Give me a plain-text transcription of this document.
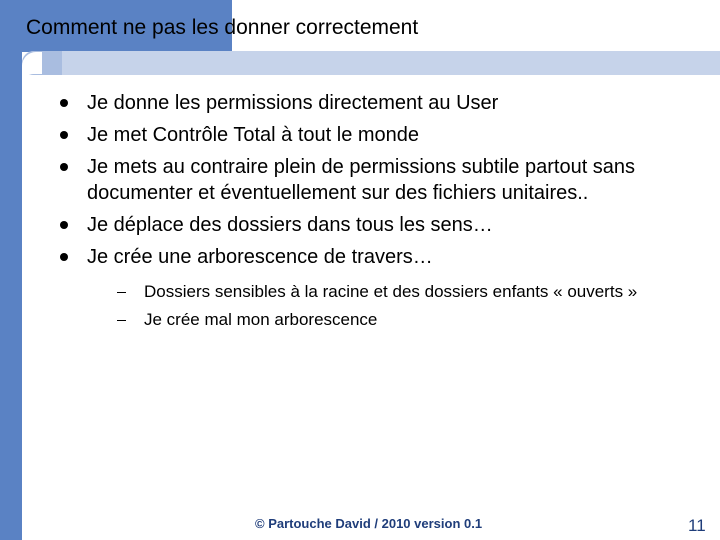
Comment ne pas les donner correctement
Je donne les permissions directement au User
Je met Contrôle Total à tout le monde
Je mets au contraire plein de permissions subtile partout sans documenter et éventuellement sur des fichiers unitaires..
Je déplace des dossiers dans tous les sens…
Je crée une arborescence de travers…
Dossiers sensibles à la racine et des dossiers enfants « ouverts »
Je crée mal mon arborescence
© Partouche David / 2010 version 0.1	11
